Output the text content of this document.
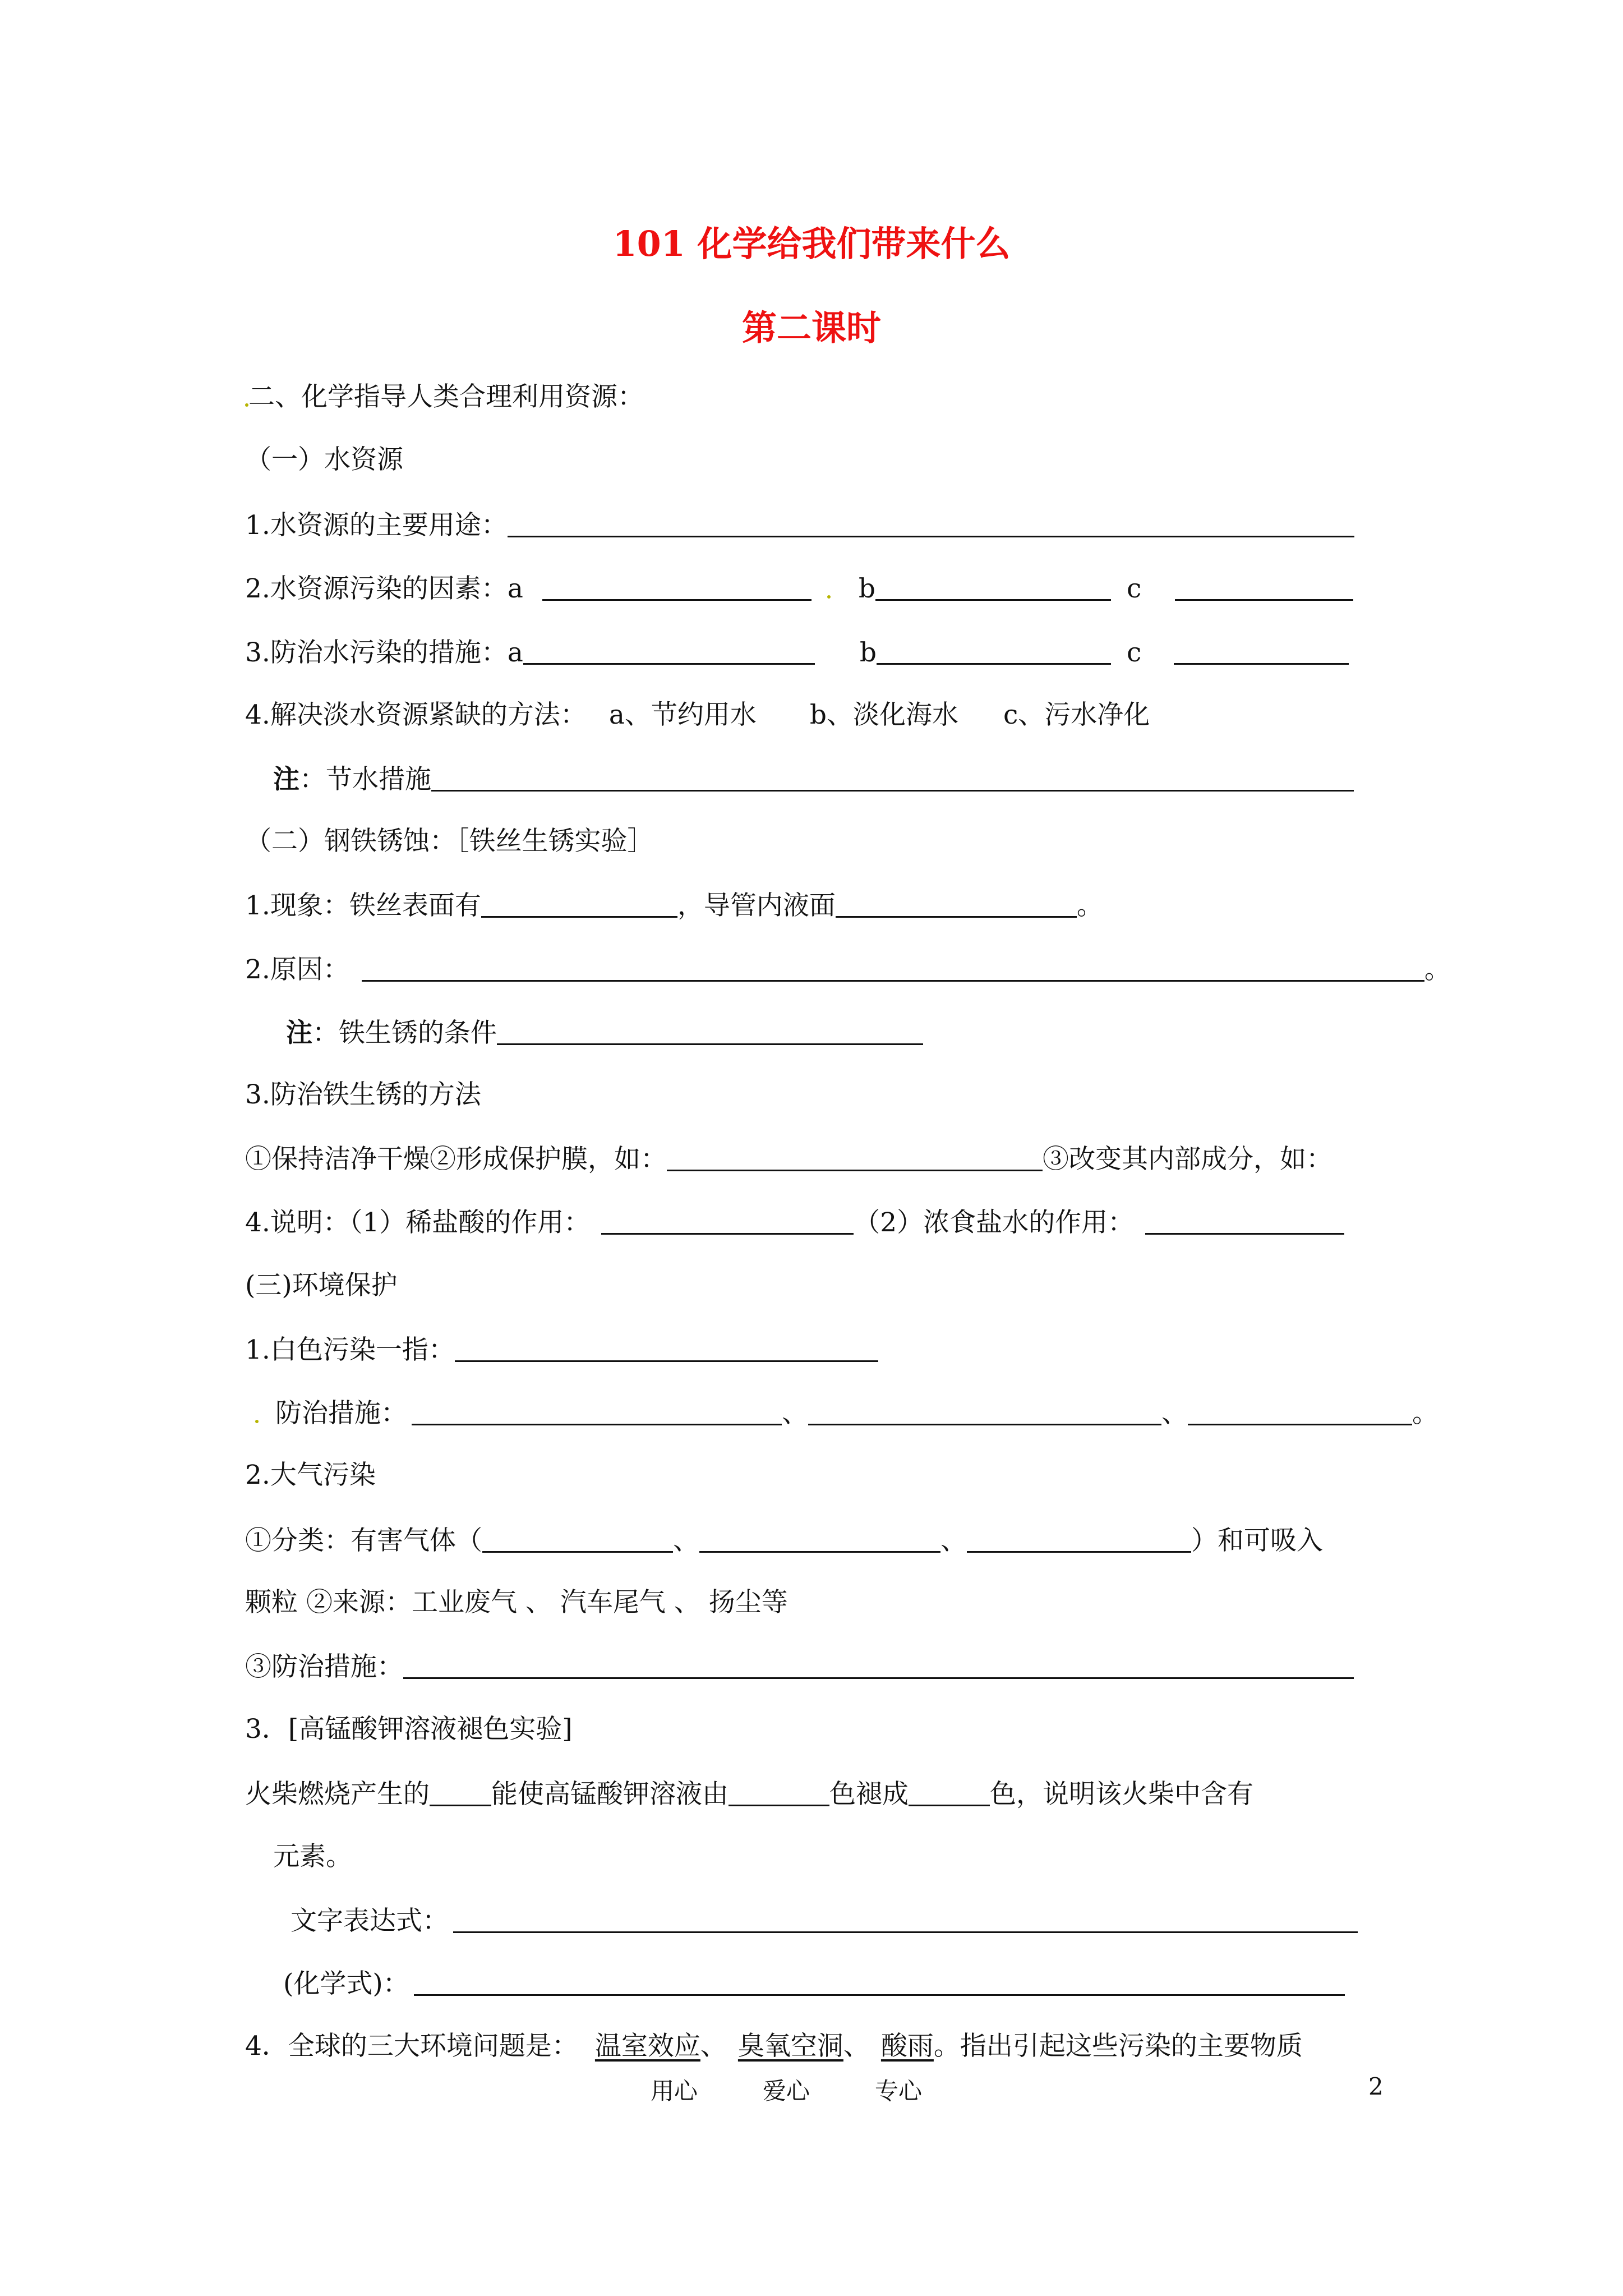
101 化学给我们带来什么
第二课时
二、化学指导人类合理利用资源：
（一）水资源
1.水资源的主要用途：
2.水资源污染的因素：a	b	c
3.防治水污染的措施：a	b	c
4.解决淡水资源紧缺的方法： a、节约用水 b、淡化海水 c、污水净化
注 ：节水措施
（二）钢铁锈蚀：［铁丝生锈实验］
1.现象：铁丝表面有	，导管内液面	。
2.原因：	。
注 ：铁生锈的条件
3.防治铁生锈的方法
①保持洁净干燥 ②形成保护膜，如：	③改变其内部成分，如：
4.说明：（1）稀盐酸的作用：	（2）浓食盐水的作用：
(三)环境保护
1.白色污染一指：
防治措施：	、	、	。
2.大气污染
①分类：有害气体（	、	、	）和可吸入
颗粒 ②来源：工业废气 、 汽车尾气 、 扬尘等
③防治措施：
3．[高锰酸钾溶液褪色实验]
火柴燃烧产生的 能使高锰酸钾溶液由	色褪成	色，说明该火柴中含有
元素。
文字表达式：
(化学式)：
4．全球的三大环境问题是： 温室效应 、 臭氧空洞 、 酸雨 。指出引起这些污染的主要物质
用心	爱心	专心	2
